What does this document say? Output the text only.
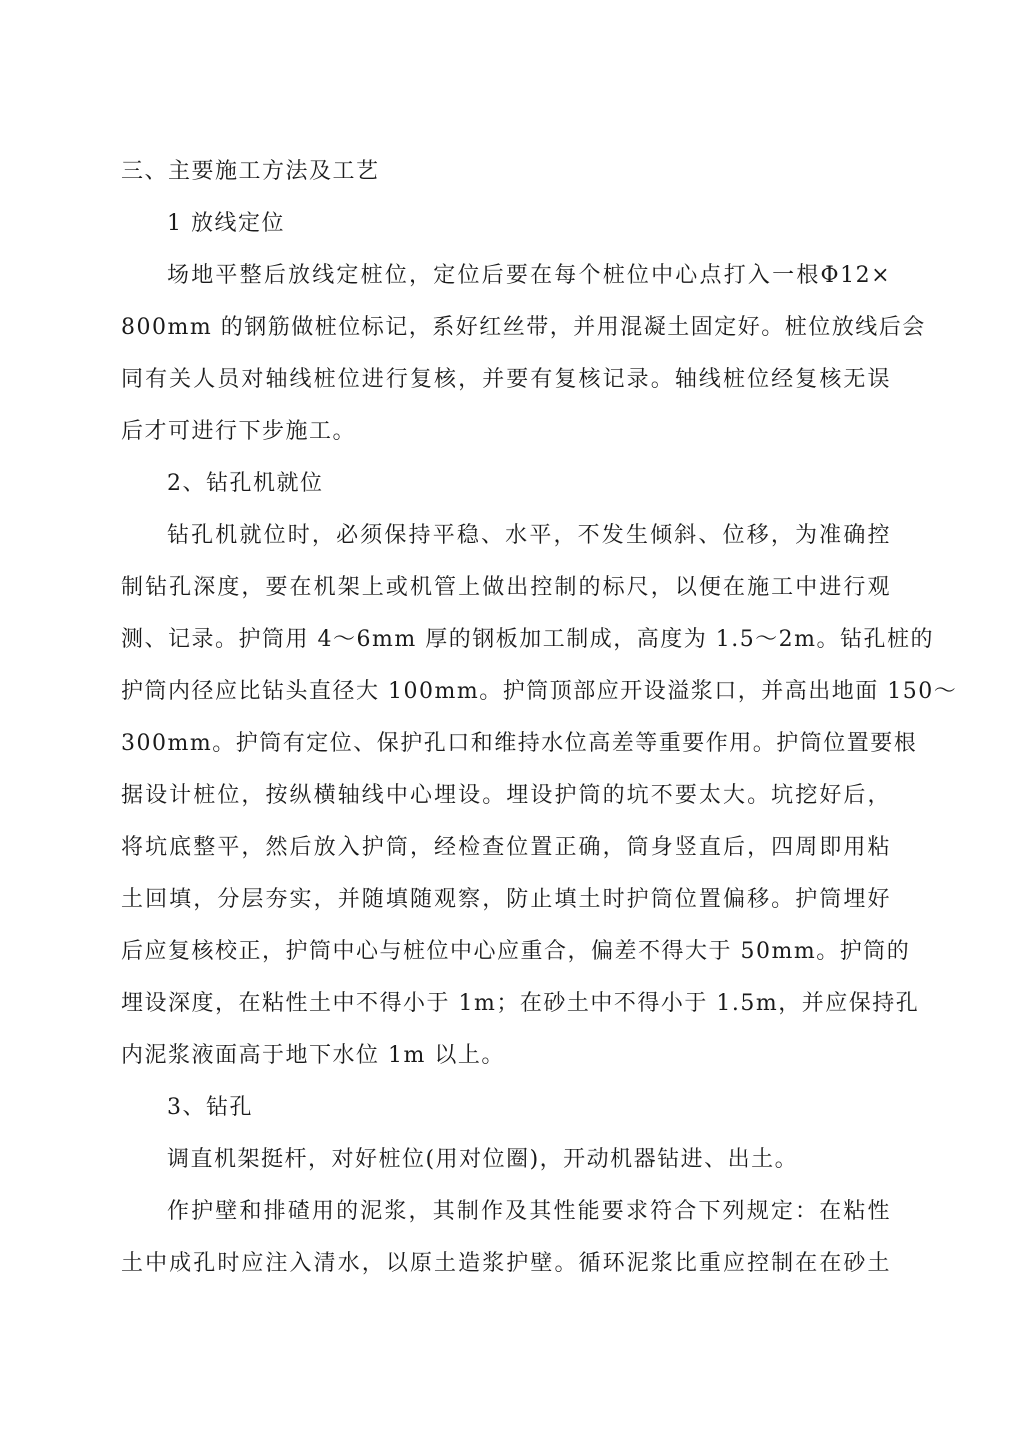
三、主要施工方法及工艺
1 放线定位
场地平整后放线定桩位，定位后要在每个桩位中心点打入一根Φ12×
800mm 的钢筋做桩位标记，系好红丝带，并用混凝土固定好。桩位放线后会
同有关人员对轴线桩位进行复核，并要有复核记录。轴线桩位经复核无误
后才可进行下步施工。
2、钻孔机就位
钻孔机就位时，必须保持平稳、水平，不发生倾斜、位移，为准确控
制钻孔深度，要在机架上或机管上做出控制的标尺，以便在施工中进行观
测、记录。护筒用 4～6mm 厚的钢板加工制成，高度为 1.5～2m。钻孔桩的
护筒内径应比钻头直径大 100mm。护筒顶部应开设溢浆口，并高出地面 150～
300mm。护筒有定位、保护孔口和维持水位高差等重要作用。护筒位置要根
据设计桩位，按纵横轴线中心埋设。埋设护筒的坑不要太大。坑挖好后，
将坑底整平，然后放入护筒，经检查位置正确，筒身竖直后，四周即用粘
土回填，分层夯实，并随填随观察，防止填土时护筒位置偏移。护筒埋好
后应复核校正，护筒中心与桩位中心应重合，偏差不得大于 50mm。护筒的
埋设深度，在粘性土中不得小于 1m；在砂土中不得小于 1.5m，并应保持孔
内泥浆液面高于地下水位 1m 以上。
3、钻孔
调直机架挺杆，对好桩位(用对位圈)，开动机器钻进、出土。
作护壁和排碴用的泥浆，其制作及其性能要求符合下列规定：在粘性
土中成孔时应注入清水，以原土造浆护壁。循环泥浆比重应控制在在砂土
